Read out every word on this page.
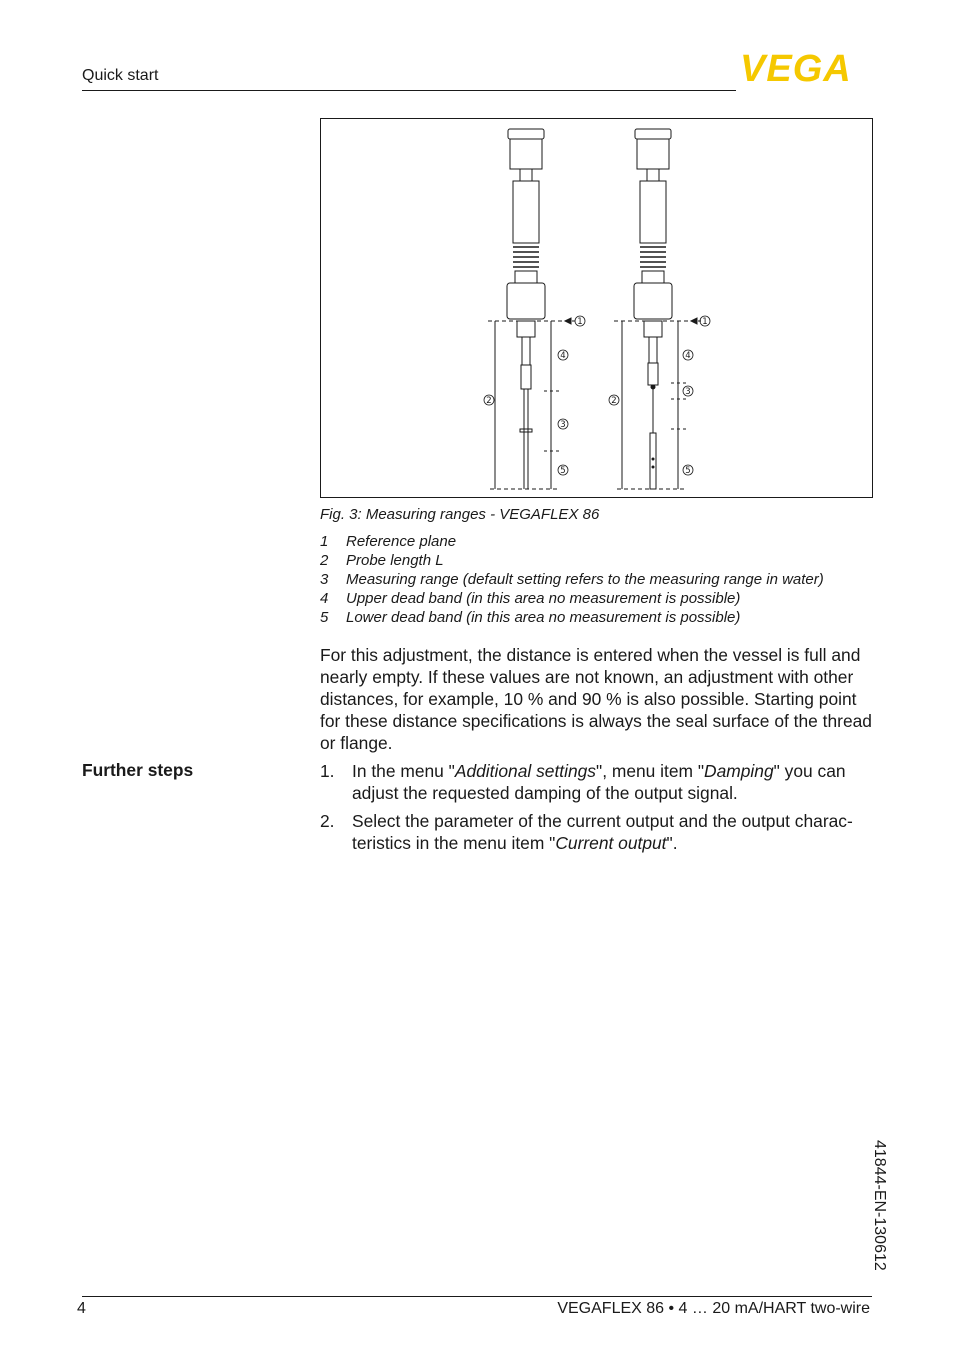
Quick start	VEGA
1
2
3
4
5
1
2
3
4
5
Fig. 3: Measuring ranges - VEGAFLEX 86
1	Reference plane
2	Probe length L
3	Measuring range (default setting refers to the measuring range in water)
4	Upper dead band (in this area no measurement is possible)
5	Lower dead band (in this area no measurement is possible)
For this adjustment, the distance is entered when the vessel is full and nearly empty. If these values are not known, an adjustment with other distances, for example, 10 % and 90 % is also possible. Starting point for these distance specifications is always the seal surface of the thread or flange.
Further steps	1.	In the menu "Additional settings", menu item "Damping" you can adjust the requested damping of the output signal.
2.	Select the parameter of the current output and the output charac-teristics in the menu item "Current output".
41844-EN-130612
4	VEGAFLEX 86 • 4 … 20 mA/HART two-wire
